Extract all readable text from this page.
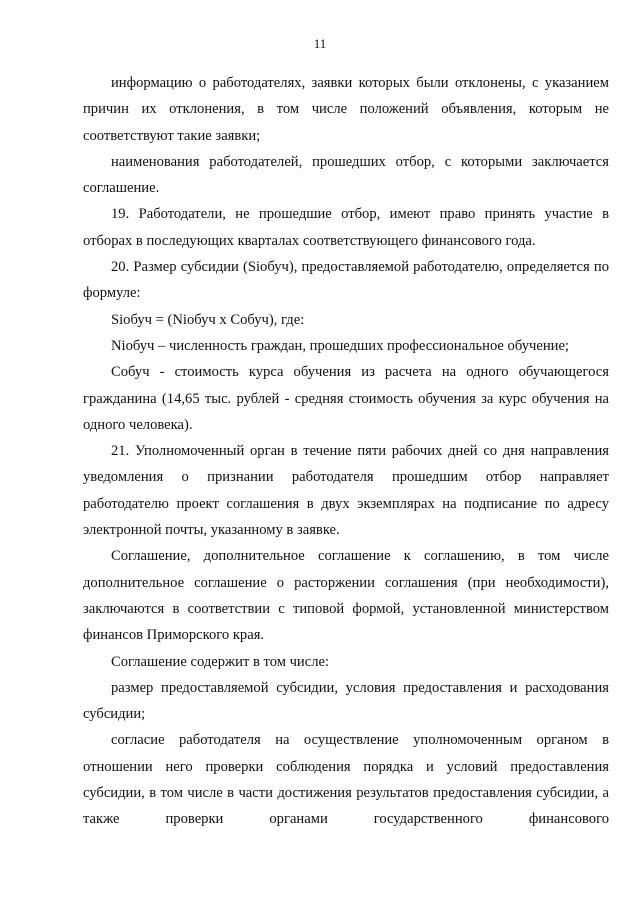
11

информацию о работодателях, заявки которых были отклонены, с указанием причин их отклонения, в том числе положений объявления, которым не соответствуют такие заявки;

наименования работодателей, прошедших отбор, с которыми заключается соглашение.

19. Работодатели, не прошедшие отбор, имеют право принять участие в отборах в последующих кварталах соответствующего финансового года.

20. Размер субсидии (Siобуч), предоставляемой работодателю, определяется по формуле:

Siобуч = (Niобуч х Собуч), где:

Niобуч – численность граждан, прошедших профессиональное обучение;

Собуч - стоимость курса обучения из расчета на одного обучающегося гражданина (14,65 тыс. рублей - средняя стоимость обучения за курс обучения на одного человека).

21. Уполномоченный орган в течение пяти рабочих дней со дня направления уведомления о признании работодателя прошедшим отбор направляет работодателю проект соглашения в двух экземплярах на подписание по адресу электронной почты, указанному в заявке.

Соглашение, дополнительное соглашение к соглашению, в том числе дополнительное соглашение о расторжении соглашения (при необходимости), заключаются в соответствии с типовой формой, установленной министерством финансов Приморского края.

Соглашение содержит в том числе:

размер предоставляемой субсидии, условия предоставления и расходования субсидии;

согласие работодателя на осуществление уполномоченным органом в отношении него проверки соблюдения порядка и условий предоставления субсидии, в том числе в части достижения результатов предоставления субсидии, а также проверки органами государственного финансового
